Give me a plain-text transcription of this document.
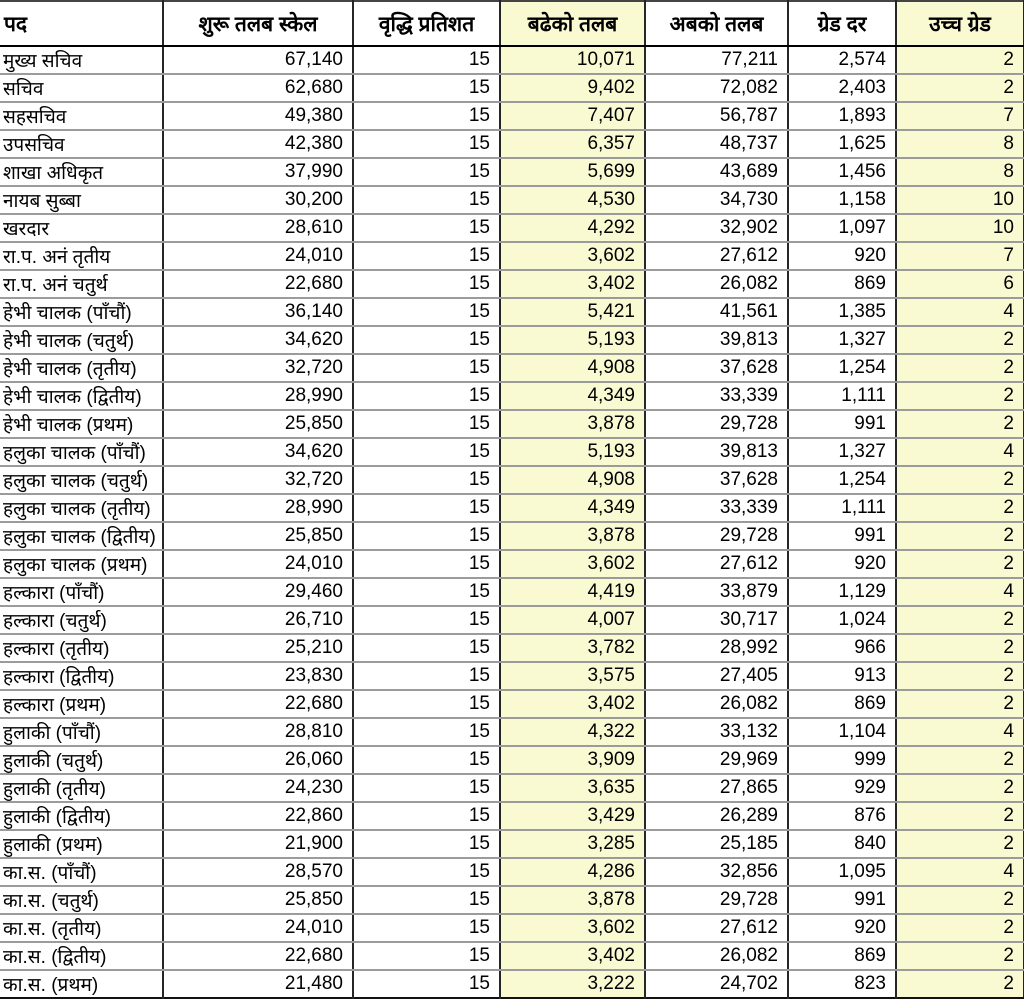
पद	शुरू तलब स्केल	वृद्धि प्रतिशत	बढेको तलब	अबको तलब	ग्रेड दर	उच्च ग्रेड
मुख्य सचिव	67,140	15	10,071	77,211	2,574	2
सचिव	62,680	15	9,402	72,082	2,403	2
सहसचिव	49,380	15	7,407	56,787	1,893	7
उपसचिव	42,380	15	6,357	48,737	1,625	8
शाखा अधिकृत	37,990	15	5,699	43,689	1,456	8
नायब सुब्बा	30,200	15	4,530	34,730	1,158	10
खरदार	28,610	15	4,292	32,902	1,097	10
रा.प. अनं तृतीय	24,010	15	3,602	27,612	920	7
रा.प. अनं चतुर्थ	22,680	15	3,402	26,082	869	6
हेभी चालक (पाँचौं)	36,140	15	5,421	41,561	1,385	4
हेभी चालक (चतुर्थ)	34,620	15	5,193	39,813	1,327	2
हेभी चालक (तृतीय)	32,720	15	4,908	37,628	1,254	2
हेभी चालक (द्वितीय)	28,990	15	4,349	33,339	1,111	2
हेभी चालक (प्रथम)	25,850	15	3,878	29,728	991	2
हलुका चालक (पाँचौं)	34,620	15	5,193	39,813	1,327	4
हलुका चालक (चतुर्थ)	32,720	15	4,908	37,628	1,254	2
हलुका चालक (तृतीय)	28,990	15	4,349	33,339	1,111	2
हलुका चालक (द्वितीय)	25,850	15	3,878	29,728	991	2
हलुका चालक (प्रथम)	24,010	15	3,602	27,612	920	2
हल्कारा (पाँचौं)	29,460	15	4,419	33,879	1,129	4
हल्कारा (चतुर्थ)	26,710	15	4,007	30,717	1,024	2
हल्कारा (तृतीय)	25,210	15	3,782	28,992	966	2
हल्कारा (द्वितीय)	23,830	15	3,575	27,405	913	2
हल्कारा (प्रथम)	22,680	15	3,402	26,082	869	2
हुलाकी (पाँचौं)	28,810	15	4,322	33,132	1,104	4
हुलाकी (चतुर्थ)	26,060	15	3,909	29,969	999	2
हुलाकी (तृतीय)	24,230	15	3,635	27,865	929	2
हुलाकी (द्वितीय)	22,860	15	3,429	26,289	876	2
हुलाकी (प्रथम)	21,900	15	3,285	25,185	840	2
का.स. (पाँचौं)	28,570	15	4,286	32,856	1,095	4
का.स. (चतुर्थ)	25,850	15	3,878	29,728	991	2
का.स. (तृतीय)	24,010	15	3,602	27,612	920	2
का.स. (द्वितीय)	22,680	15	3,402	26,082	869	2
का.स. (प्रथम)	21,480	15	3,222	24,702	823	2
